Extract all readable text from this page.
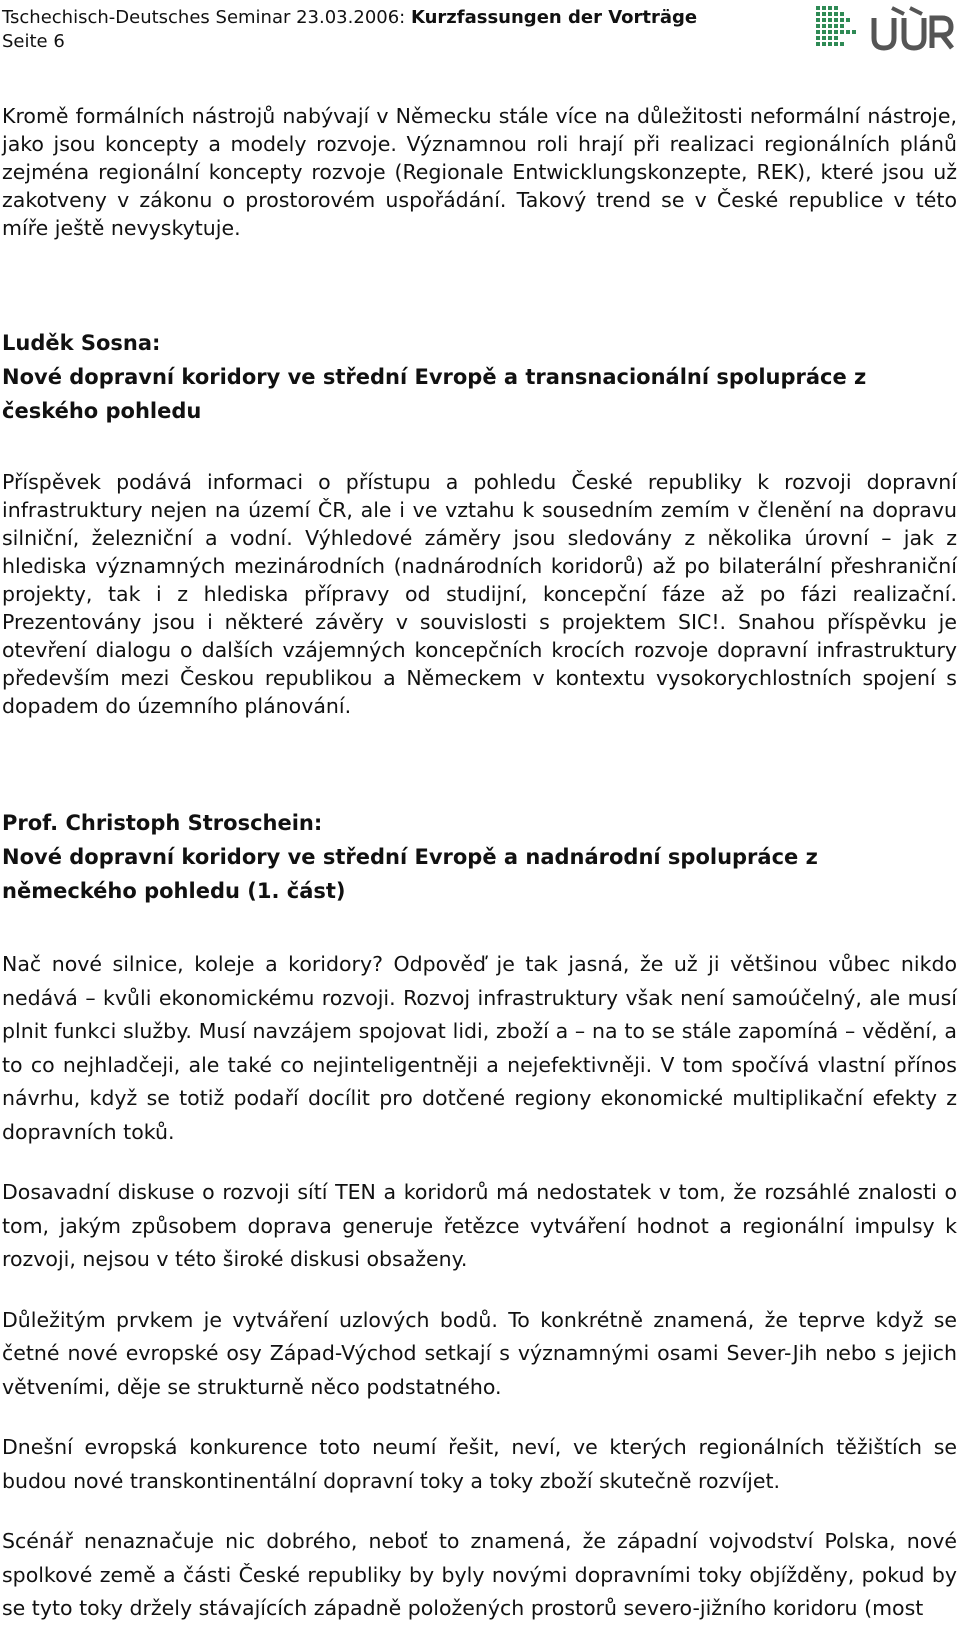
Tschechisch-Deutsches Seminar 23.03.2006: Kurzfassungen der Vorträge
Seite 6

Kromě formálních nástrojů nabývají v Německu stále více na důležitosti neformální nástroje, jako jsou koncepty a modely rozvoje. Významnou roli hrají při realizaci regionálních plánů zejména regionální koncepty rozvoje (Regionale Entwicklungskonzepte, REK), které jsou už zakotveny v zákonu o prostorovém uspořádání. Takový trend se v České republice v této míře ještě nevyskytuje.

Luděk Sosna:
Nové dopravní koridory ve střední Evropě a transnacionální spolupráce z českého pohledu

Příspěvek podává informaci o přístupu a pohledu České republiky k rozvoji dopravní infrastruktury nejen na území ČR, ale i ve vztahu k sousedním zemím v členění na dopravu silniční, železniční a vodní. Výhledové záměry jsou sledovány z několika úrovní – jak z hlediska významných mezinárodních (nadnárodních koridorů) až po bilaterální přeshraniční projekty, tak i z hlediska přípravy od studijní, koncepční fáze až po fázi realizační. Prezentovány jsou i některé závěry v souvislosti s projektem SIC!. Snahou příspěvku je otevření dialogu o dalších vzájemných koncepčních krocích rozvoje dopravní infrastruktury především mezi Českou republikou a Německem v kontextu vysokorychlostních spojení s dopadem do územního plánování.

Prof. Christoph Stroschein:
Nové dopravní koridory ve střední Evropě a nadnárodní spolupráce z německého pohledu (1. část)

Nač nové silnice, koleje a koridory? Odpověď je tak jasná, že už ji většinou vůbec nikdo nedává – kvůli ekonomickému rozvoji. Rozvoj infrastruktury však není samoúčelný, ale musí plnit funkci služby. Musí navzájem spojovat lidi, zboží a – na to se stále zapomíná – vědění, a to co nejhladčeji, ale také co nejinteligentněji a nejefektivněji. V tom spočívá vlastní přínos návrhu, když se totiž podaří docílit pro dotčené regiony ekonomické multiplikační efekty z dopravních toků.

Dosavadní diskuse o rozvoji sítí TEN a koridorů má nedostatek v tom, že rozsáhlé znalosti o tom, jakým způsobem doprava generuje řetězce vytváření hodnot a regionální impulsy k rozvoji, nejsou v této široké diskusi obsaženy.

Důležitým prvkem je vytváření uzlových bodů. To konkrétně znamená, že teprve když se četné nové evropské osy Západ-Východ setkají s významnými osami Sever-Jih nebo s jejich větveními, děje se strukturně něco podstatného.

Dnešní evropská konkurence toto neumí řešit, neví, ve kterých regionálních těžištích se budou nové transkontinentální dopravní toky a toky zboží skutečně rozvíjet.

Scénář nenaznačuje nic dobrého, neboť to znamená, že západní vojvodství Polska, nové spolkové země a části České republiky by byly novými dopravními toky objížděny, pokud by se tyto toky držely stávajících západně položených prostorů severo-jižního koridoru (most
